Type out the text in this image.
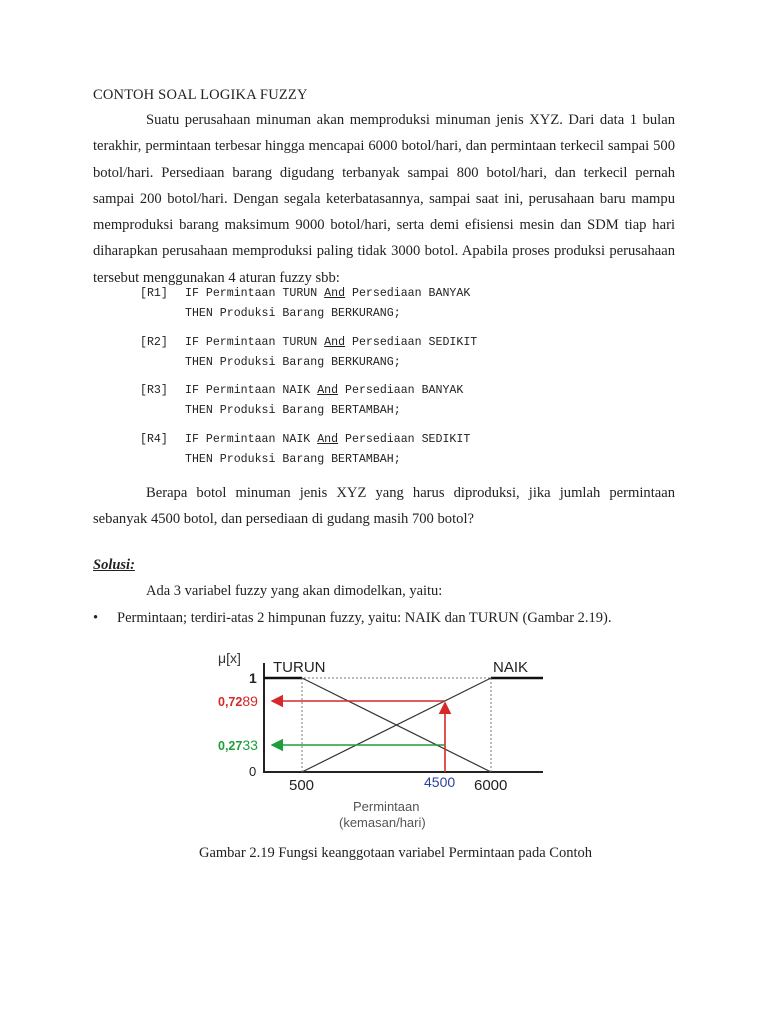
CONTOH SOAL LOGIKA FUZZY

Suatu perusahaan minuman akan memproduksi minuman jenis XYZ. Dari data 1 bulan terakhir, permintaan terbesar hingga mencapai 6000 botol/hari, dan permintaan terkecil sampai 500 botol/hari. Persediaan barang digudang terbanyak sampai 800 botol/hari, dan terkecil pernah sampai 200 botol/hari. Dengan segala keterbatasannya, sampai saat ini, perusahaan baru mampu memproduksi barang maksimum 9000 botol/hari, serta demi efisiensi mesin dan SDM tiap hari diharapkan perusahaan memproduksi paling tidak 3000 botol. Apabila proses produksi perusahaan tersebut menggunakan 4 aturan fuzzy sbb:

[R1] IF Permintaan TURUN And Persediaan BANYAK
THEN Produksi Barang BERKURANG;
[R2] IF Permintaan TURUN And Persediaan SEDIKIT
THEN Produksi Barang BERKURANG;
[R3] IF Permintaan NAIK And Persediaan BANYAK
THEN Produksi Barang BERTAMBAH;
[R4] IF Permintaan NAIK And Persediaan SEDIKIT
THEN Produksi Barang BERTAMBAH;

Berapa botol minuman jenis XYZ yang harus diproduksi, jika jumlah permintaan sebanyak 4500 botol, dan persediaan di gudang masih 700 botol?

Solusi:
Ada 3 variabel fuzzy yang akan dimodelkan, yaitu:
• Permintaan; terdiri-atas 2 himpunan fuzzy, yaitu: NAIK dan TURUN (Gambar 2.19).
μ[x]
1
0
TURUN	NAIK
0,7289
0,2733
500	4500 6000
Permintaan
(kemasan/hari)
Gambar 2.19 Fungsi keanggotaan variabel Permintaan pada Contoh
